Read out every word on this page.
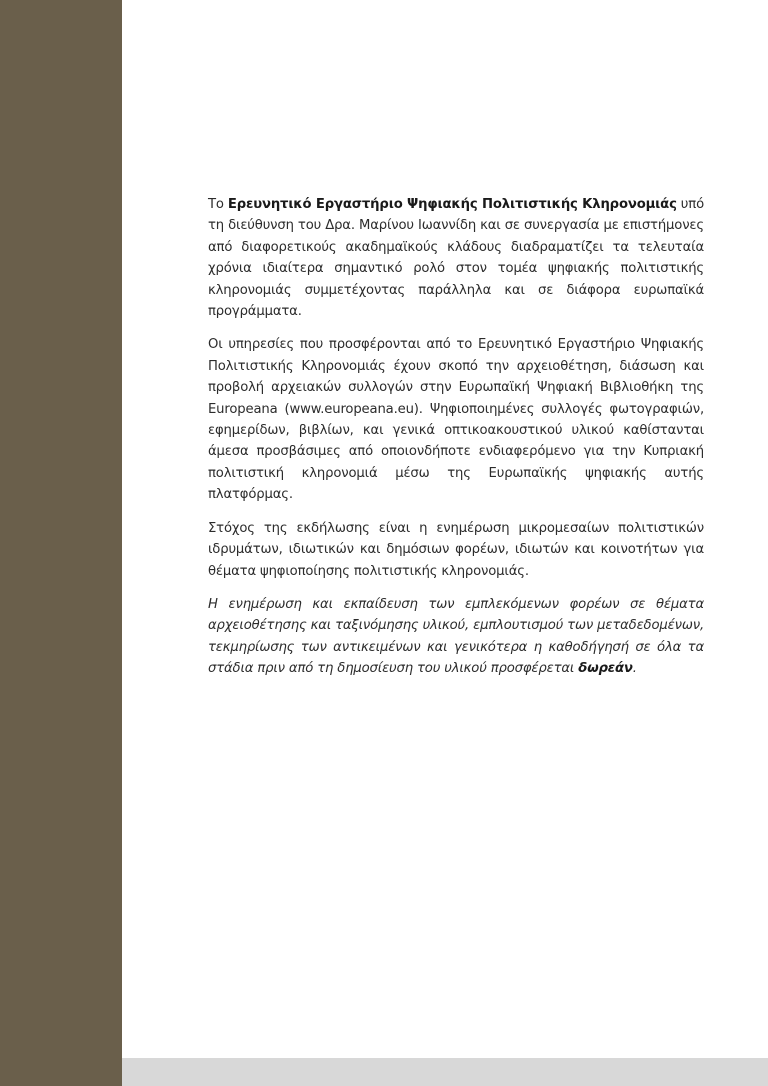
Το Ερευνητικό Εργαστήριο Ψηφιακής Πολιτιστικής Κληρονομιάς υπό τη διεύθυνση του Δρα. Μαρίνου Ιωαννίδη και σε συνεργασία με επιστήμονες από διαφορετικούς ακαδημαϊκούς κλάδους διαδραματίζει τα τελευταία χρόνια ιδιαίτερα σημαντικό ρολό στον τομέα ψηφιακής πολιτιστικής κληρονομιάς συμμετέχοντας παράλληλα και σε διάφορα ευρωπαϊκά προγράμματα.

Οι υπηρεσίες που προσφέρονται από το Ερευνητικό Εργαστήριο Ψηφιακής Πολιτιστικής Κληρονομιάς έχουν σκοπό την αρχειοθέτηση, διάσωση και προβολή αρχειακών συλλογών στην Ευρωπαϊκή Ψηφιακή Βιβλιοθήκη της Europeana (www.europeana.eu). Ψηφιοποιημένες συλλογές φωτογραφιών, εφημερίδων, βιβλίων, και γενικά οπτικοακουστικού υλικού καθίστανται άμεσα προσβάσιμες από οποιονδήποτε ενδιαφερόμενο για την Κυπριακή πολιτιστική κληρονομιά μέσω της Ευρωπαϊκής ψηφιακής αυτής πλατφόρμας.

Στόχος της εκδήλωσης είναι η ενημέρωση μικρομεσαίων πολιτιστικών ιδρυμάτων, ιδιωτικών και δημόσιων φορέων, ιδιωτών και κοινοτήτων για θέματα ψηφιοποίησης πολιτιστικής κληρονομιάς.

Η ενημέρωση και εκπαίδευση των εμπλεκόμενων φορέων σε θέματα αρχειοθέτησης και ταξινόμησης υλικού, εμπλουτισμού των μεταδεδομένων, τεκμηρίωσης των αντικειμένων και γενικότερα η καθοδήγησή σε όλα τα στάδια πριν από τη δημοσίευση του υλικού προσφέρεται δωρεάν.
